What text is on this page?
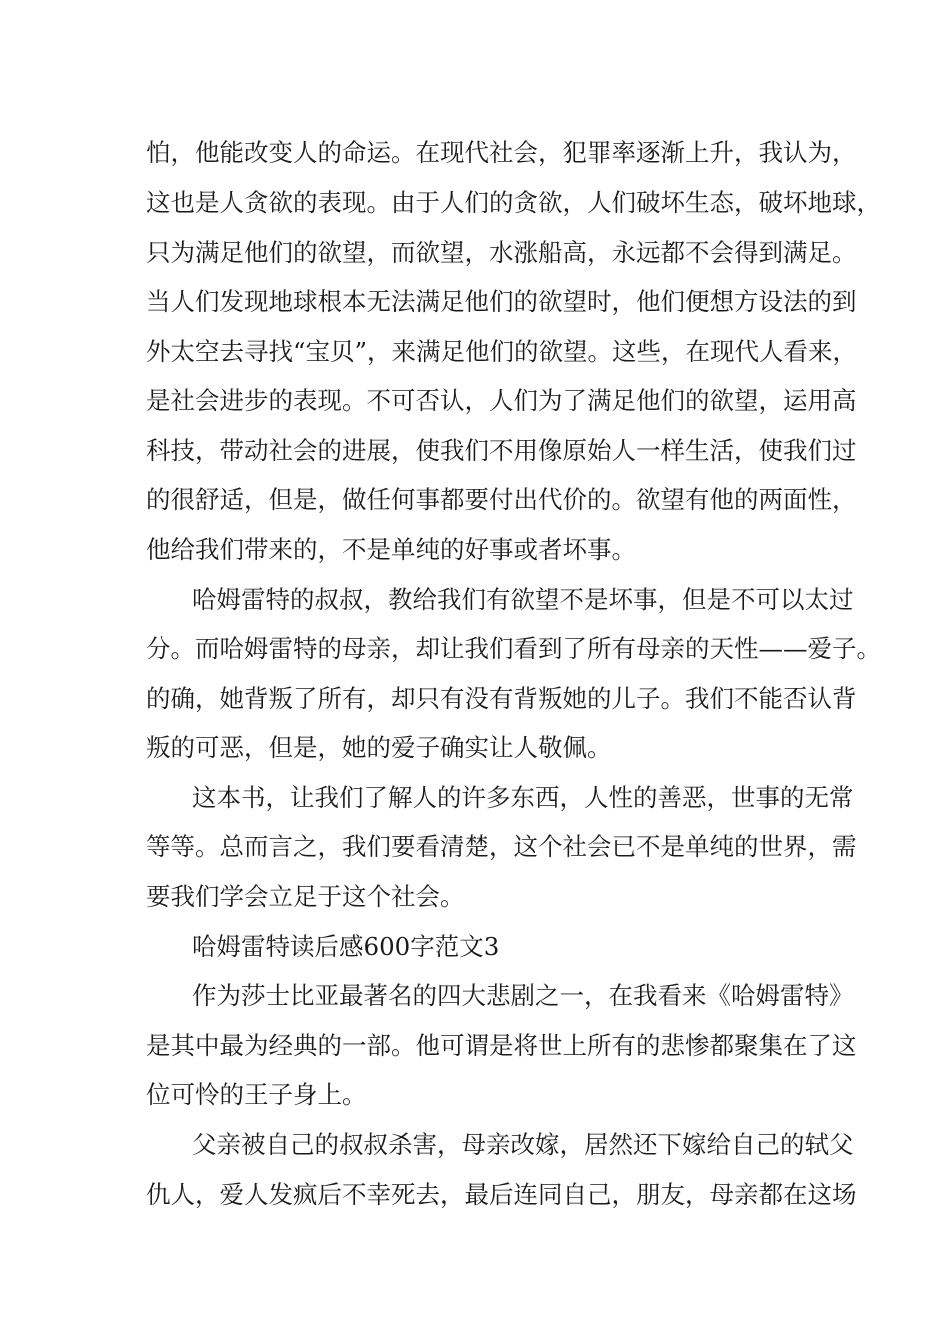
怕，他能改变人的命运。在现代社会，犯罪率逐渐上升，我认为，
这也是人贪欲的表现。由于人们的贪欲，人们破坏生态，破坏地球，
只为满足他们的欲望，而欲望，水涨船高，永远都不会得到满足。
当人们发现地球根本无法满足他们的欲望时，他们便想方设法的到
外太空去寻找“宝贝”，来满足他们的欲望。这些，在现代人看来，
是社会进步的表现。不可否认，人们为了满足他们的欲望，运用高
科技，带动社会的进展，使我们不用像原始人一样生活，使我们过
的很舒适，但是，做任何事都要付出代价的。欲望有他的两面性，
他给我们带来的，不是单纯的好事或者坏事。
哈姆雷特的叔叔，教给我们有欲望不是坏事，但是不可以太过
分。而哈姆雷特的母亲，却让我们看到了所有母亲的天性——爱子。
的确，她背叛了所有，却只有没有背叛她的儿子。我们不能否认背
叛的可恶，但是，她的爱子确实让人敬佩。
这本书，让我们了解人的许多东西，人性的善恶，世事的无常
等等。总而言之，我们要看清楚，这个社会已不是单纯的世界，需
要我们学会立足于这个社会。
哈姆雷特读后感600字范文3
作为莎士比亚最著名的四大悲剧之一，在我看来《哈姆雷特》
是其中最为经典的一部。他可谓是将世上所有的悲惨都聚集在了这
位可怜的王子身上。
父亲被自己的叔叔杀害，母亲改嫁，居然还下嫁给自己的轼父
仇人，爱人发疯后不幸死去，最后连同自己，朋友，母亲都在这场
